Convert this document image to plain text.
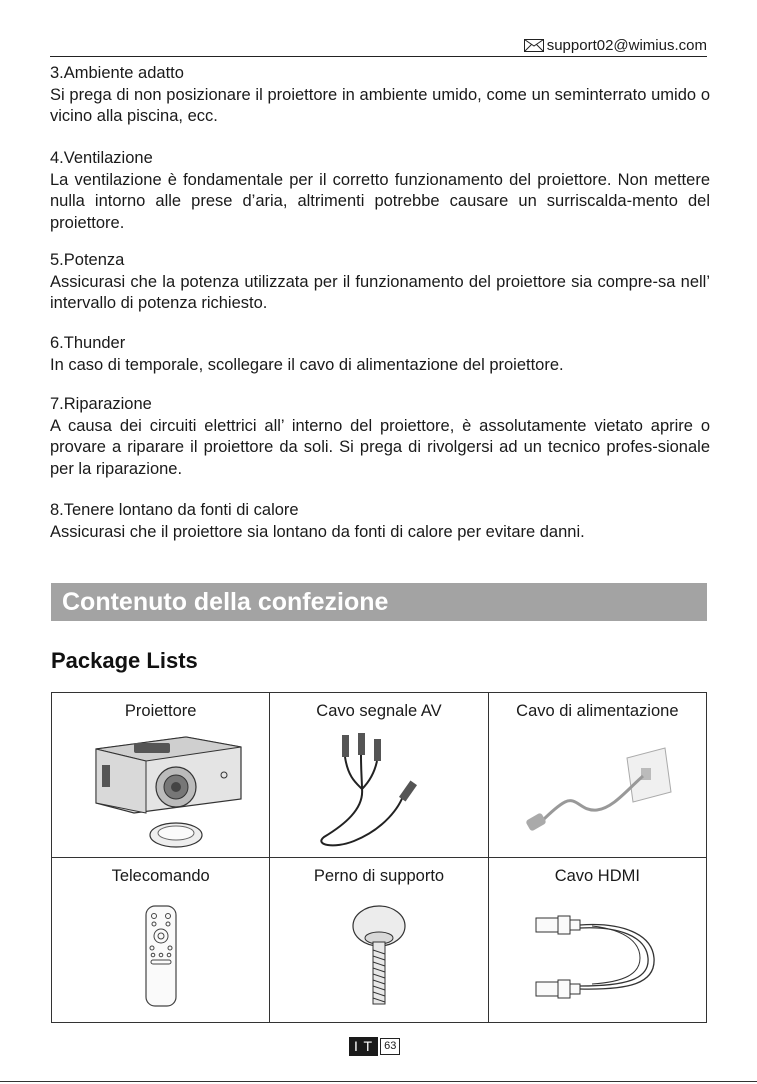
support02@wimius.com
3.Ambiente adatto
Si prega di non posizionare il proiettore in ambiente umido, come un seminterrato umido o vicino alla piscina, ecc.
4.Ventilazione
La ventilazione è fondamentale per il corretto funzionamento del proiettore. Non mettere nulla intorno alle prese d’aria, altrimenti potrebbe causare un surriscalda-mento del proiettore.
5.Potenza
Assicurasi che la potenza utilizzata per il funzionamento del proiettore sia compre-sa nell’ intervallo di potenza richiesto.
6.Thunder
In caso di temporale, scollegare il cavo di alimentazione del proiettore.
7.Riparazione
A causa dei circuiti elettrici all’ interno del proiettore, è assolutamente vietato aprire o provare a riparare il proiettore da soli. Si prega di rivolgersi ad un tecnico profes-sionale per la riparazione.
8.Tenere lontano da fonti di calore
Assicurasi che il proiettore sia lontano da fonti di calore per evitare danni.
Contenuto della confezione
Package Lists
Proiettore	Cavo segnale AV	Cavo di alimentazione

Telecomando	Perno di supporto	Cavo HDMI
I T	63
